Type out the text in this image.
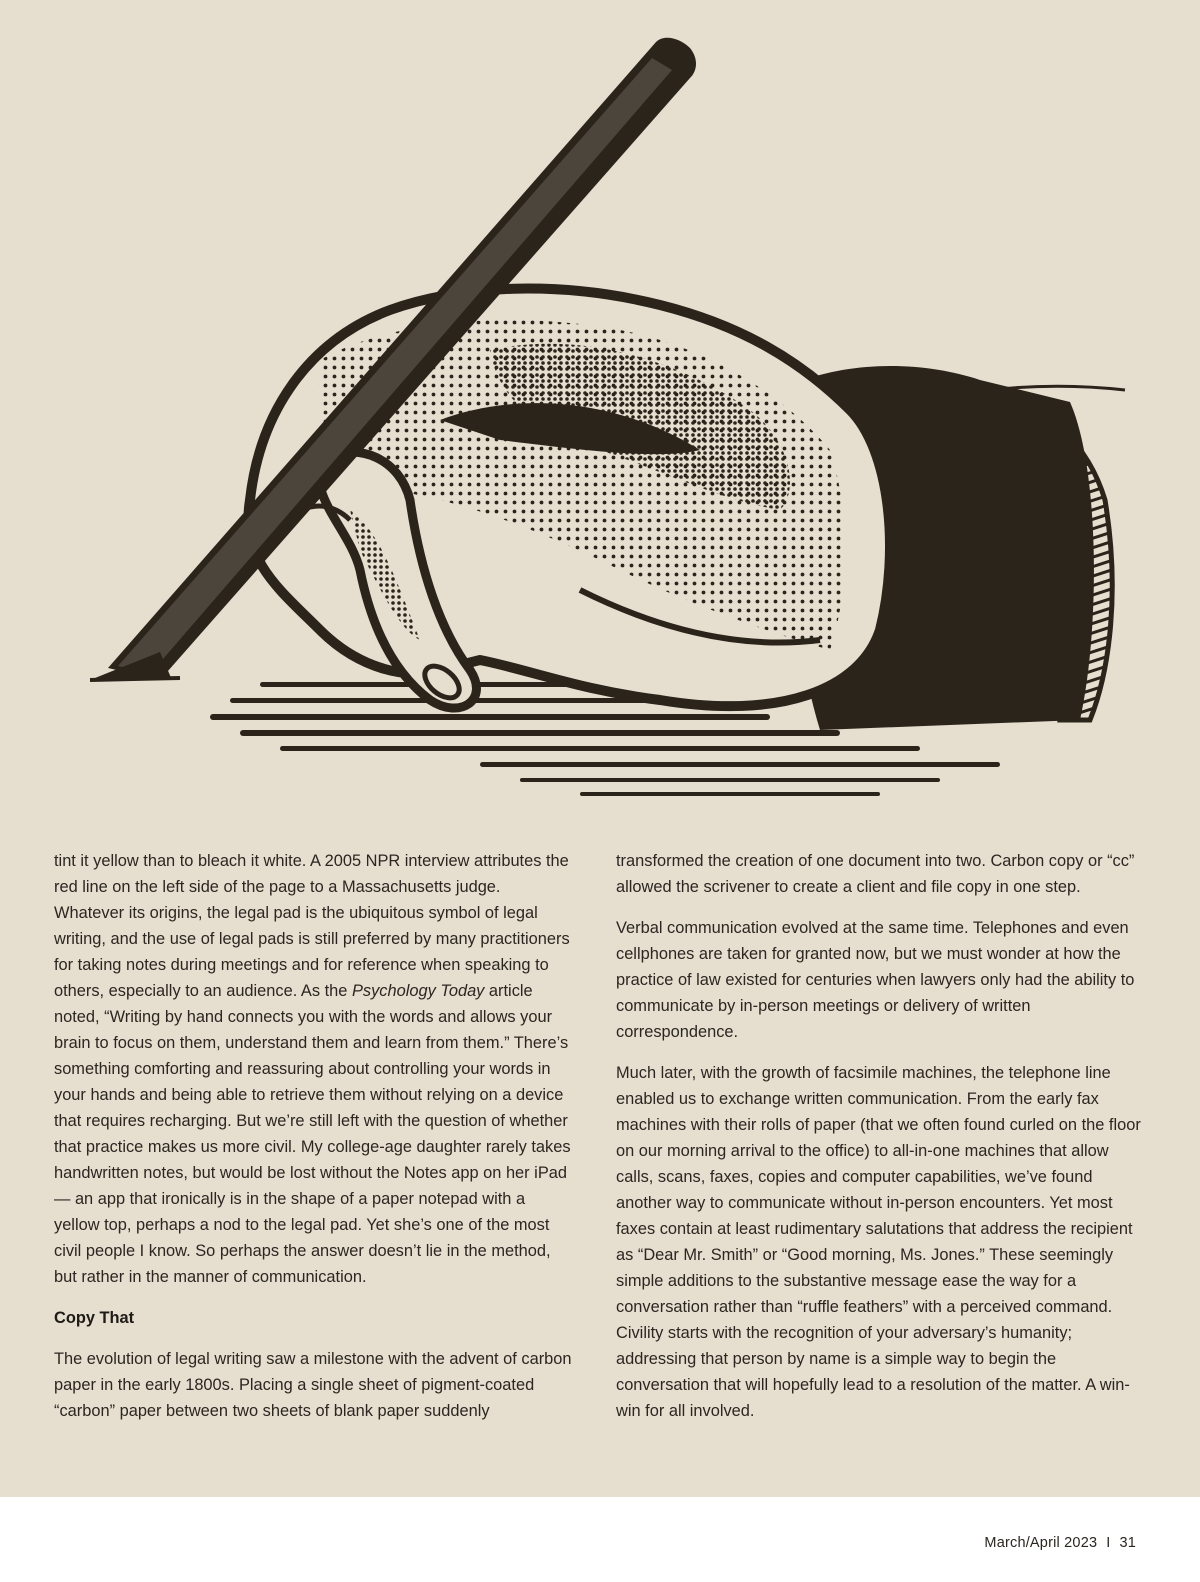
tint it yellow than to bleach it white. A 2005 NPR interview attributes the red line on the left side of the page to a Massachusetts judge. Whatever its origins, the legal pad is the ubiquitous symbol of legal writing, and the use of legal pads is still preferred by many practitioners for taking notes during meetings and for reference when speaking to others, especially to an audience. As the Psychology Today article noted, “Writing by hand connects you with the words and allows your brain to focus on them, understand them and learn from them.” There’s something comforting and reassuring about controlling your words in your hands and being able to retrieve them without relying on a device that requires recharging. But we’re still left with the question of whether that practice makes us more civil. My college-age daughter rarely takes handwritten notes, but would be lost without the Notes app on her iPad — an app that ironically is in the shape of a paper notepad with a yellow top, perhaps a nod to the legal pad. Yet she’s one of the most civil people I know. So perhaps the answer doesn’t lie in the method, but rather in the manner of communication.

Copy That

The evolution of legal writing saw a milestone with the advent of carbon paper in the early 1800s. Placing a single sheet of pigment-coated “carbon” paper between two sheets of blank paper suddenly

transformed the creation of one document into two. Carbon copy or “cc” allowed the scrivener to create a client and file copy in one step.

Verbal communication evolved at the same time. Telephones and even cellphones are taken for granted now, but we must wonder at how the practice of law existed for centuries when lawyers only had the ability to communicate by in-person meetings or delivery of written correspondence.

Much later, with the growth of facsimile machines, the telephone line enabled us to exchange written communication. From the early fax machines with their rolls of paper (that we often found curled on the floor on our morning arrival to the office) to all-in-one machines that allow calls, scans, faxes, copies and computer capabilities, we’ve found another way to communicate without in-person encounters. Yet most faxes contain at least rudimentary salutations that address the recipient as “Dear Mr. Smith” or “Good morning, Ms. Jones.” These seemingly simple additions to the substantive message ease the way for a conversation rather than “ruffle feathers” with a perceived command. Civility starts with the recognition of your adversary’s humanity; addressing that person by name is a simple way to begin the conversation that will hopefully lead to a resolution of the matter. A win-win for all involved.

March/April 2023 I 31
